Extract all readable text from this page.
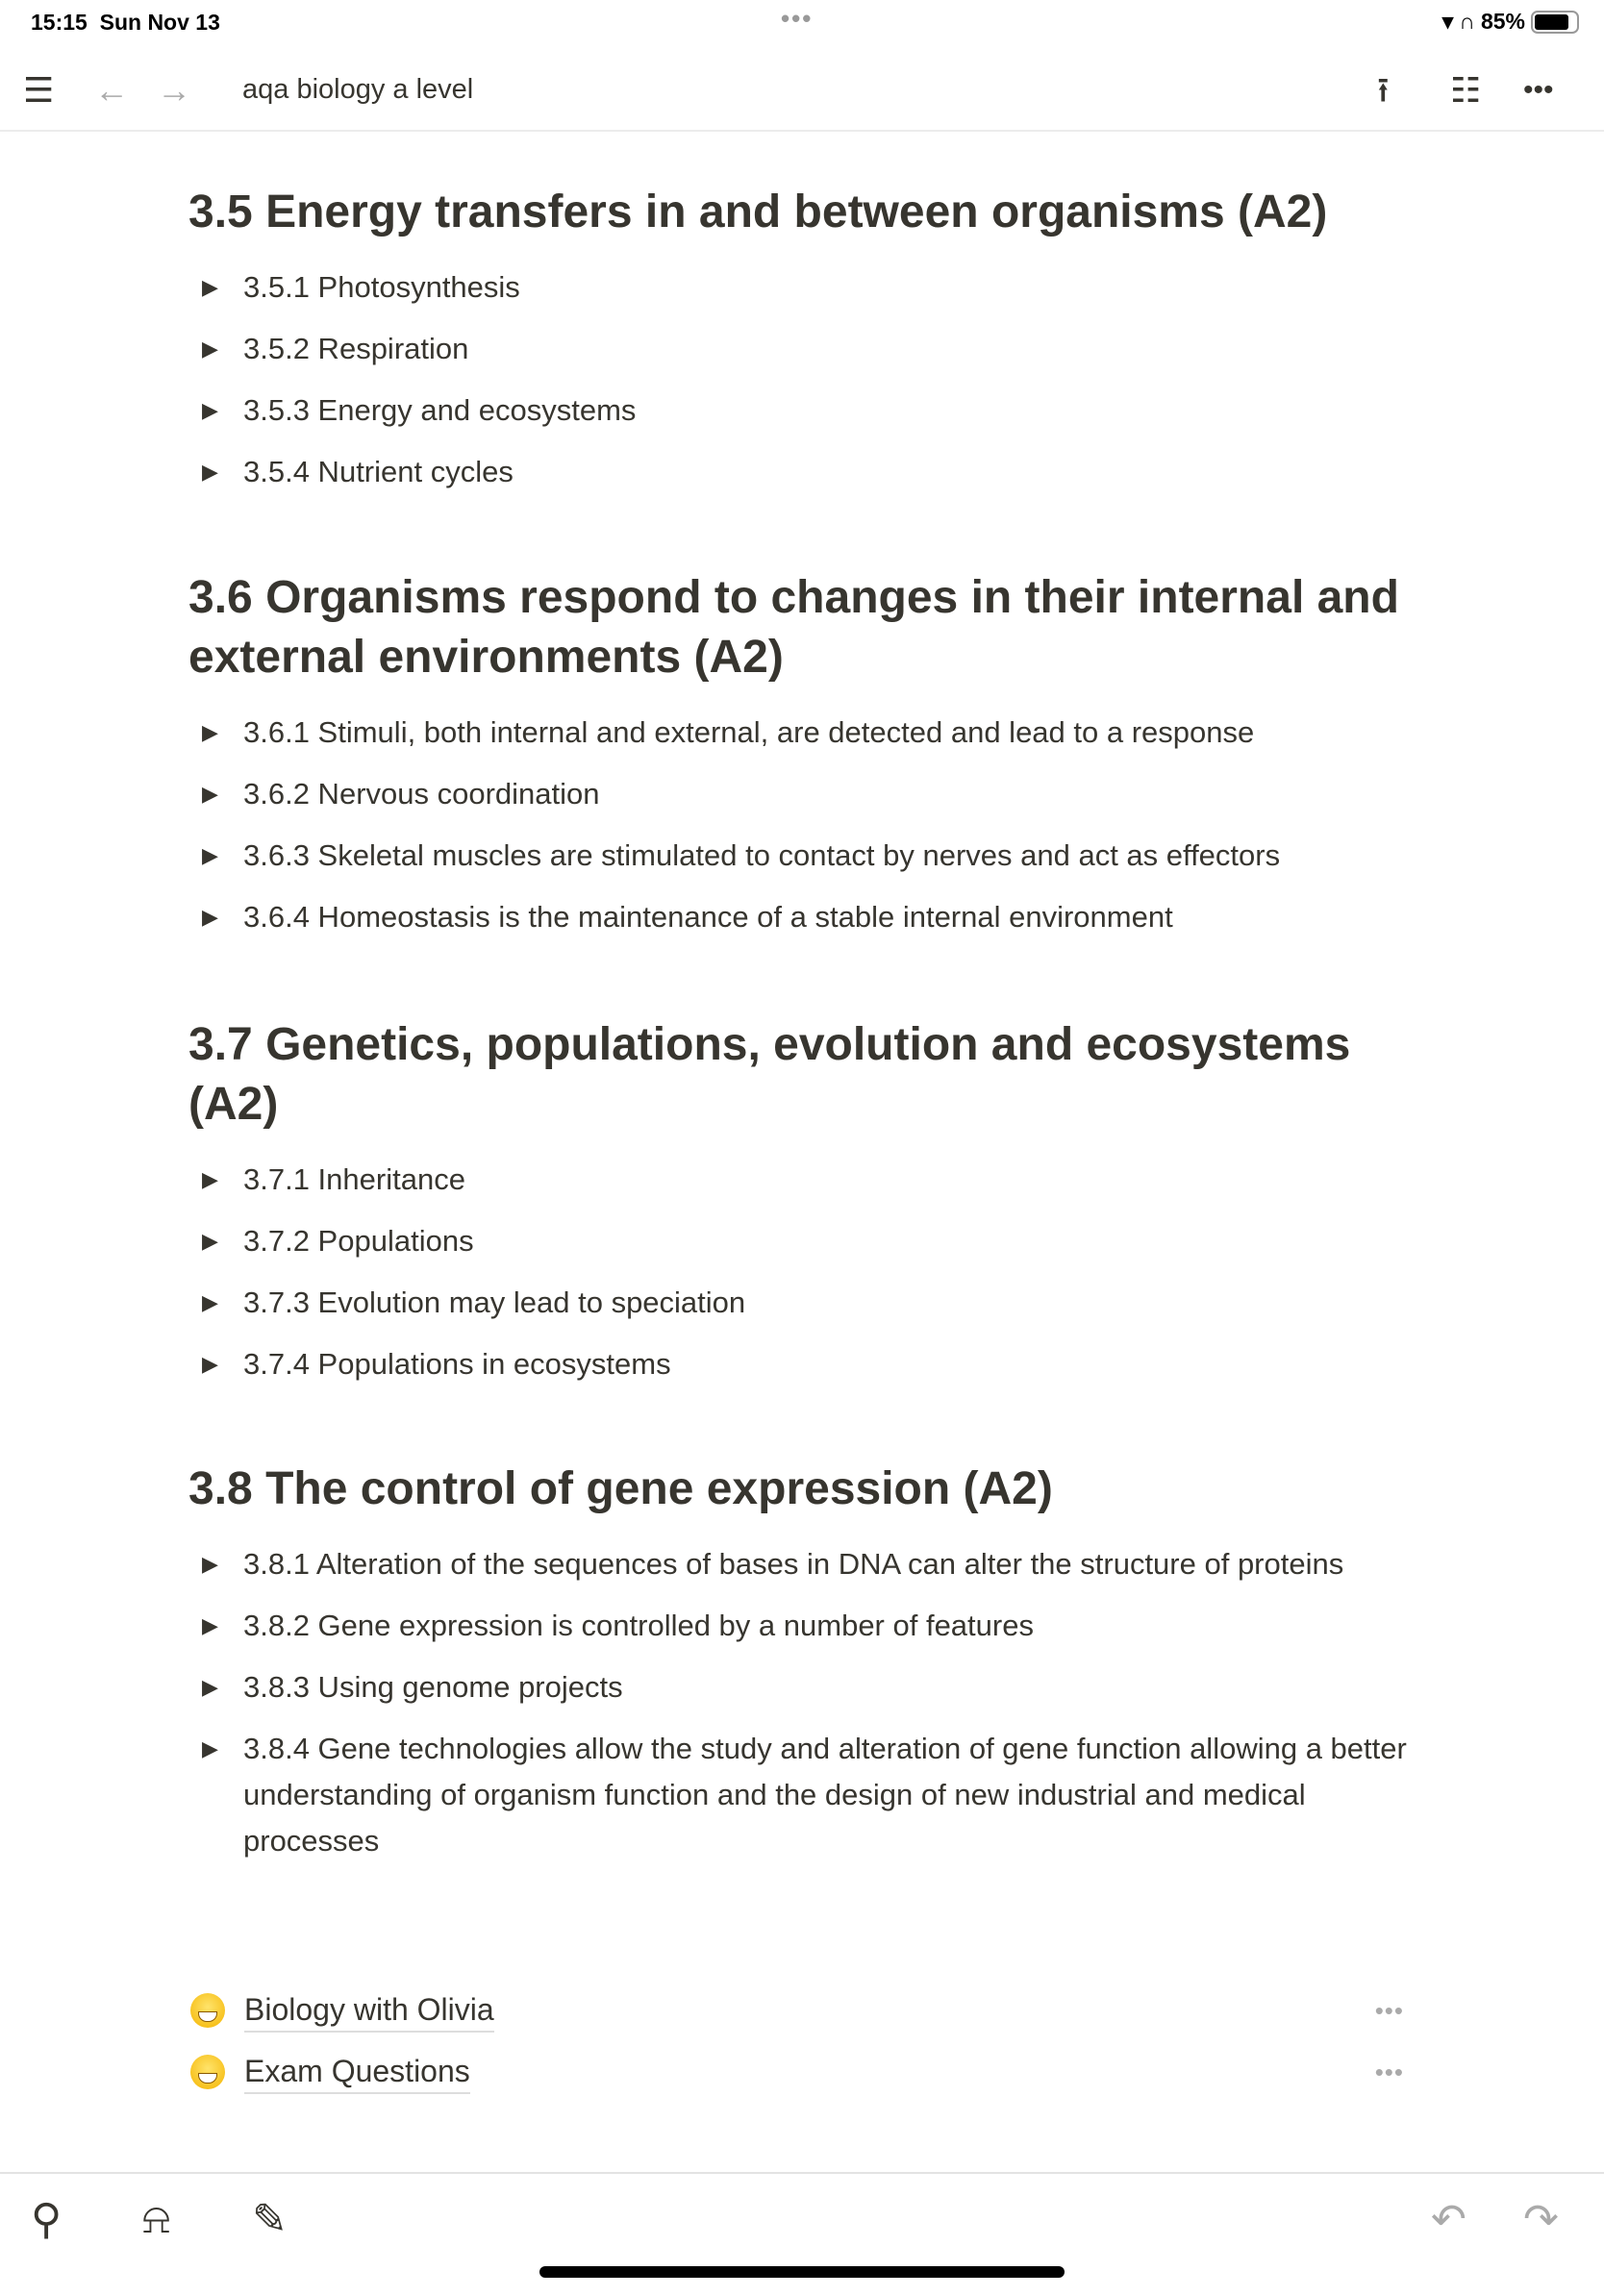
15:15 Sun Nov 13	•••	▾ ∩ 85%
☰ ← → aqa biology a level	⭱ ☷ •••
3.5 Energy transfers in and between organisms (A2)
▶ 3.5.1 Photosynthesis
▶ 3.5.2 Respiration
▶ 3.5.3 Energy and ecosystems
▶ 3.5.4 Nutrient cycles
3.6 Organisms respond to changes in their internal and external environments (A2)
▶ 3.6.1 Stimuli, both internal and external, are detected and lead to a response
▶ 3.6.2 Nervous coordination
▶ 3.6.3 Skeletal muscles are stimulated to contact by nerves and act as effectors
▶ 3.6.4 Homeostasis is the maintenance of a stable internal environment
3.7 Genetics, populations, evolution and ecosystems (A2)
▶ 3.7.1 Inheritance
▶ 3.7.2 Populations
▶ 3.7.3 Evolution may lead to speciation
▶ 3.7.4 Populations in ecosystems
3.8 The control of gene expression (A2)
▶ 3.8.1 Alteration of the sequences of bases in DNA can alter the structure of proteins
▶ 3.8.2 Gene expression is controlled by a number of features
▶ 3.8.3 Using genome projects
▶ 3.8.4 Gene technologies allow the study and alteration of gene function allowing a better understanding of organism function and the design of new industrial and medical processes
Biology with Olivia	•••
Exam Questions	•••
⚲ ⍾ ✎	↶ ↷
